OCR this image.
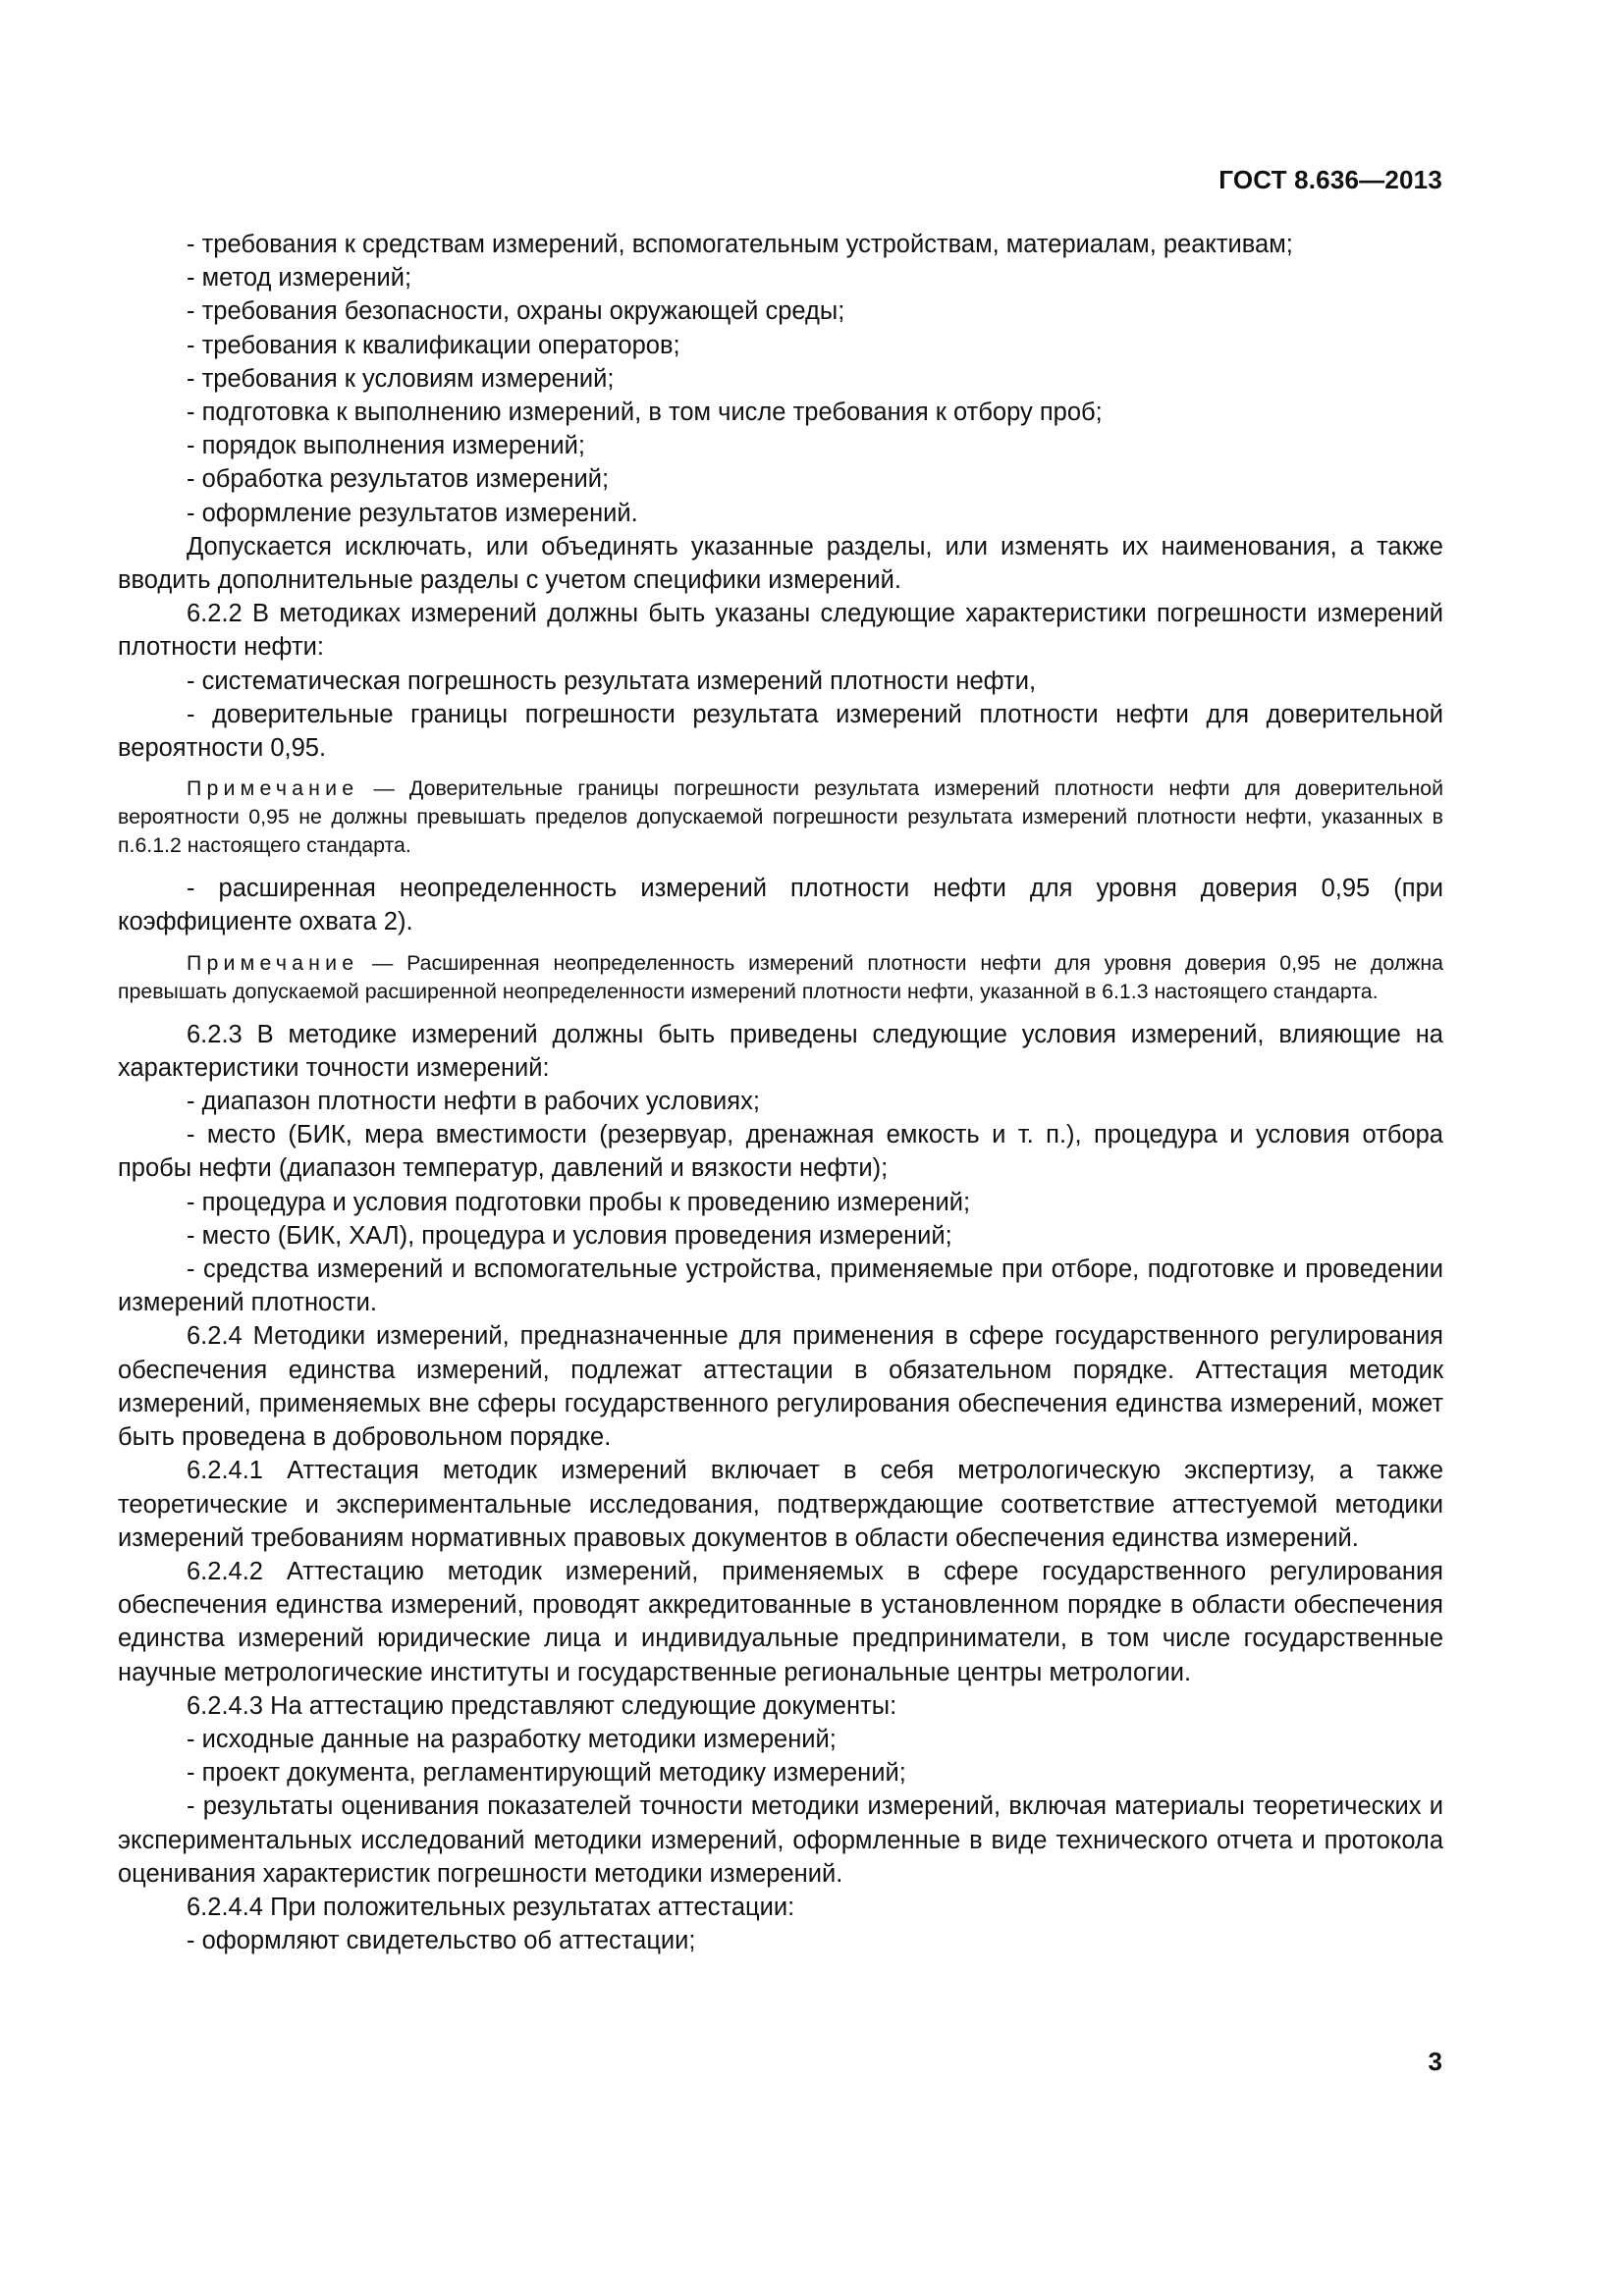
ГОСТ 8.636—2013

- требования к средствам измерений, вспомогательным устройствам, материалам, реактивам;

- метод измерений;

- требования безопасности, охраны окружающей среды;

- требования к квалификации операторов;

- требования к условиям измерений;

- подготовка к выполнению измерений, в том числе требования к отбору проб;

- порядок выполнения измерений;

- обработка результатов измерений;

- оформление результатов измерений.

Допускается исключать, или объединять указанные разделы, или изменять их наименования, а также вводить дополнительные разделы с учетом специфики измерений.

6.2.2 В методиках измерений должны быть указаны следующие характеристики погрешности измерений плотности нефти:

- систематическая погрешность результата измерений плотности нефти,

- доверительные границы погрешности результата измерений плотности нефти для доверительной вероятности 0,95.

Примечание — Доверительные границы погрешности результата измерений плотности нефти для доверительной вероятности 0,95 не должны превышать пределов допускаемой погрешности результата измерений плотности нефти, указанных в п.6.1.2 настоящего стандарта.

- расширенная неопределенность измерений плотности нефти для уровня доверия 0,95 (при коэффициенте охвата 2).

Примечание — Расширенная неопределенность измерений плотности нефти для уровня доверия 0,95 не должна превышать допускаемой расширенной неопределенности измерений плотности нефти, указанной в 6.1.3 настоящего стандарта.

6.2.3 В методике измерений должны быть приведены следующие условия измерений, влияющие на характеристики точности измерений:

- диапазон плотности нефти в рабочих условиях;

- место (БИК, мера вместимости (резервуар, дренажная емкость и т. п.), процедура и условия отбора пробы нефти (диапазон температур, давлений и вязкости нефти);

- процедура и условия подготовки пробы к проведению измерений;

- место (БИК, ХАЛ), процедура и условия проведения измерений;

- средства измерений и вспомогательные устройства, применяемые при отборе, подготовке и проведении измерений плотности.

6.2.4 Методики измерений, предназначенные для применения в сфере государственного регулирования обеспечения единства измерений, подлежат аттестации в обязательном порядке. Аттестация методик измерений, применяемых вне сферы государственного регулирования обеспечения единства измерений, может быть проведена в добровольном порядке.

6.2.4.1 Аттестация методик измерений включает в себя метрологическую экспертизу, а также теоретические и экспериментальные исследования, подтверждающие соответствие аттестуемой методики измерений требованиям нормативных правовых документов в области обеспечения единства измерений.

6.2.4.2 Аттестацию методик измерений, применяемых в сфере государственного регулирования обеспечения единства измерений, проводят аккредитованные в установленном порядке в области обеспечения единства измерений юридические лица и индивидуальные предприниматели, в том числе государственные научные метрологические институты и государственные региональные центры метрологии.

6.2.4.3 На аттестацию представляют следующие документы:

- исходные данные на разработку методики измерений;

- проект документа, регламентирующий методику измерений;

- результаты оценивания показателей точности методики измерений, включая материалы теоретических и экспериментальных исследований методики измерений, оформленные в виде технического отчета и протокола оценивания характеристик погрешности методики измерений.

6.2.4.4 При положительных результатах аттестации:

- оформляют свидетельство об аттестации;

3
